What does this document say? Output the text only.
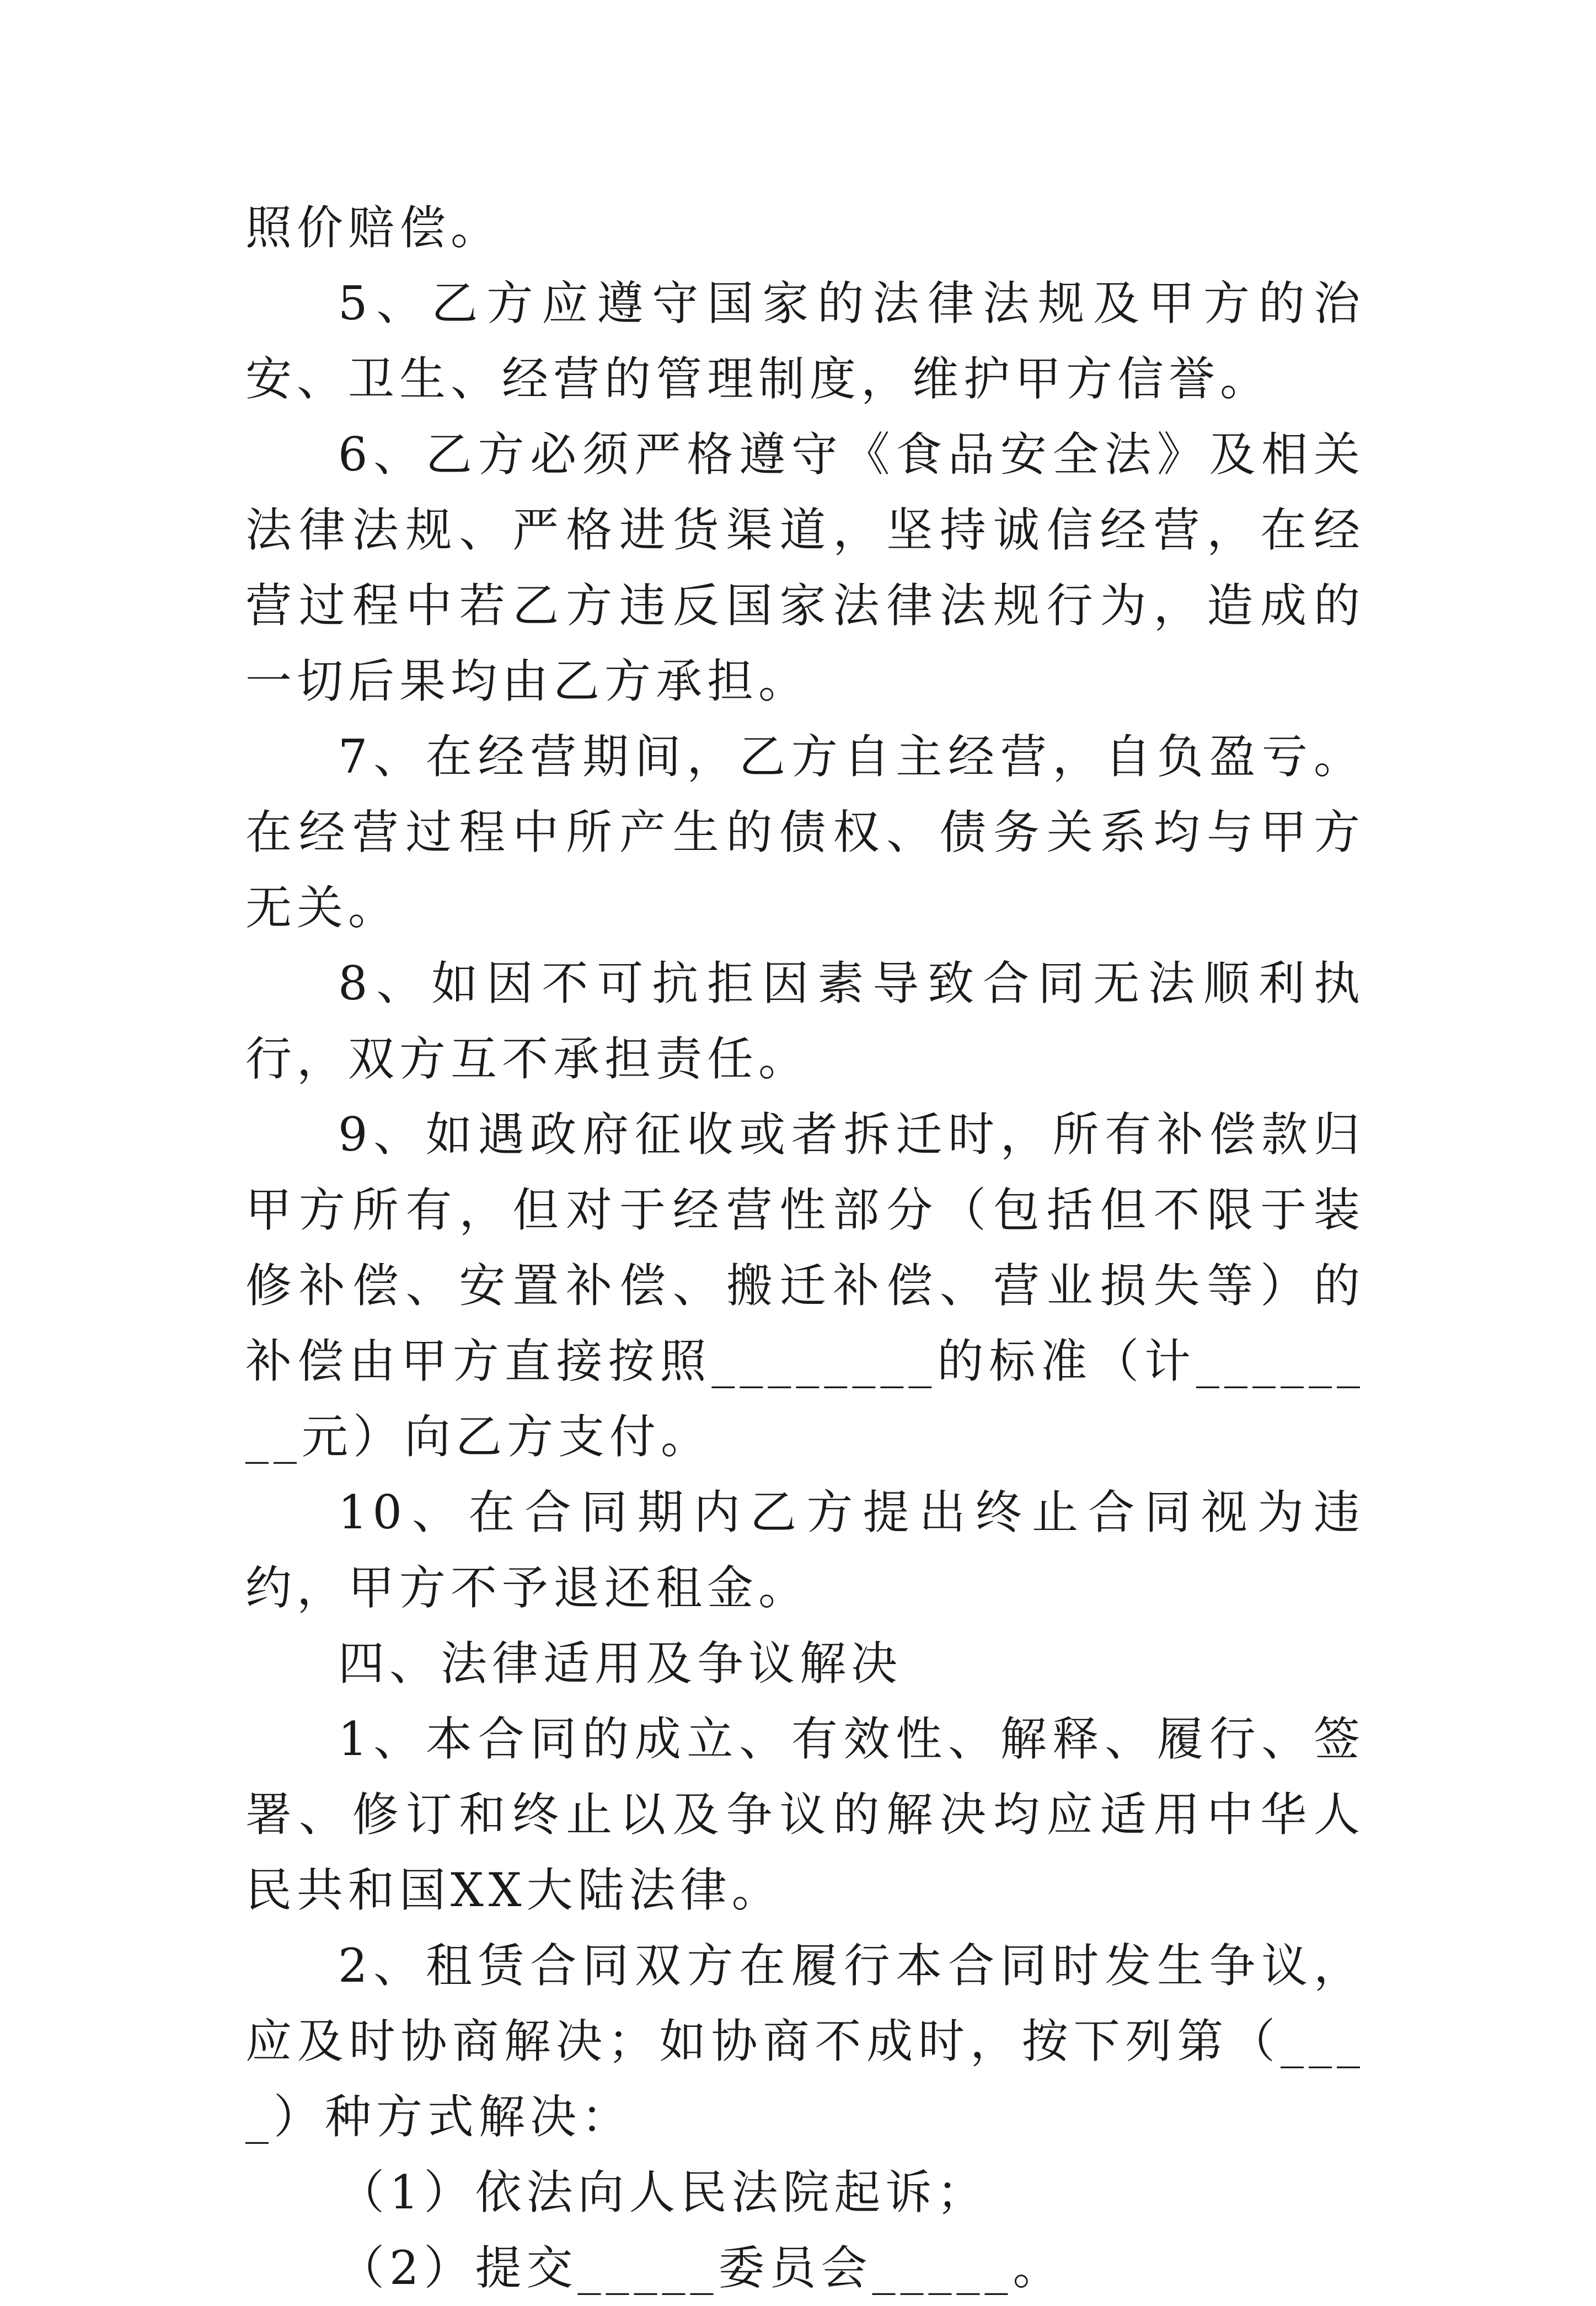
照价赔偿。

5、乙方应遵守国家的法律法规及甲方的治安、卫生、经营的管理制度，维护甲方信誉。

6、乙方必须严格遵守《食品安全法》及相关法律法规、严格进货渠道，坚持诚信经营，在经营过程中若乙方违反国家法律法规行为，造成的一切后果均由乙方承担。

7、在经营期间，乙方自主经营，自负盈亏。在经营过程中所产生的债权、债务关系均与甲方无关。

8、如因不可抗拒因素导致合同无法顺利执行，双方互不承担责任。

9、如遇政府征收或者拆迁时，所有补偿款归甲方所有，但对于经营性部分（包括但不限于装修补偿、安置补偿、搬迁补偿、营业损失等）的补偿由甲方直接按照________的标准（计________元）向乙方支付。

10、在合同期内乙方提出终止合同视为违约，甲方不予退还租金。

四、法律适用及争议解决

1、本合同的成立、有效性、解释、履行、签署、修订和终止以及争议的解决均应适用中华人民共和国XX大陆法律。

2、租赁合同双方在履行本合同时发生争议，应及时协商解决；如协商不成时，按下列第（____）种方式解决：

（1）依法向人民法院起诉；

（2）提交_____委员会_____。
